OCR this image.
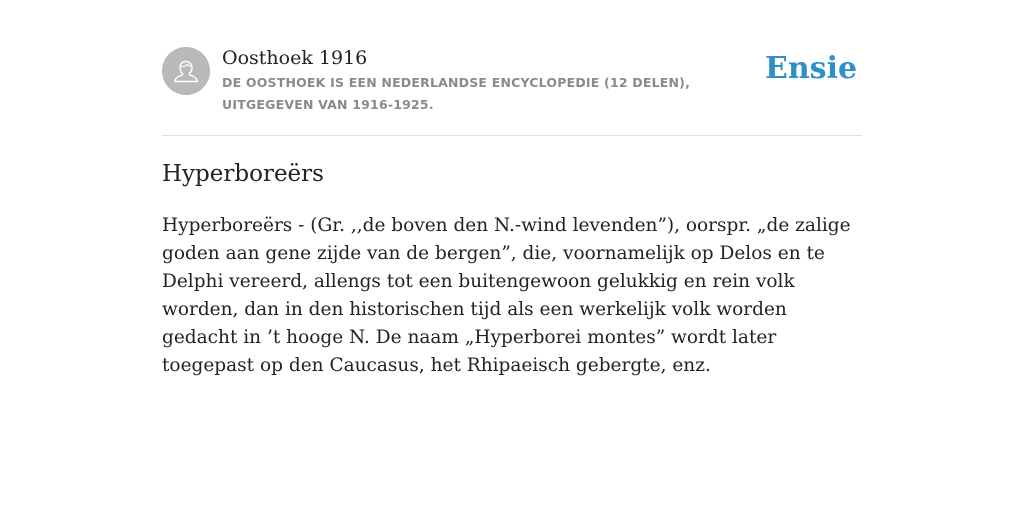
Oosthoek 1916
DE OOSTHOEK IS EEN NEDERLANDSE ENCYCLOPEDIE (12 DELEN), UITGEGEVEN VAN 1916-1925.
Ensie
Hyperboreërs

Hyperboreërs - (Gr. ,,de boven den N.-wind levenden”), oorspr. „de zalige goden aan gene zijde van de bergen”, die, voornamelijk op Delos en te Delphi vereerd, allengs tot een buitengewoon gelukkig en rein volk worden, dan in den historischen tijd als een werkelijk volk worden gedacht in ’t hooge N. De naam „Hyperborei montes” wordt later toegepast op den Caucasus, het Rhipaeisch gebergte, enz.
